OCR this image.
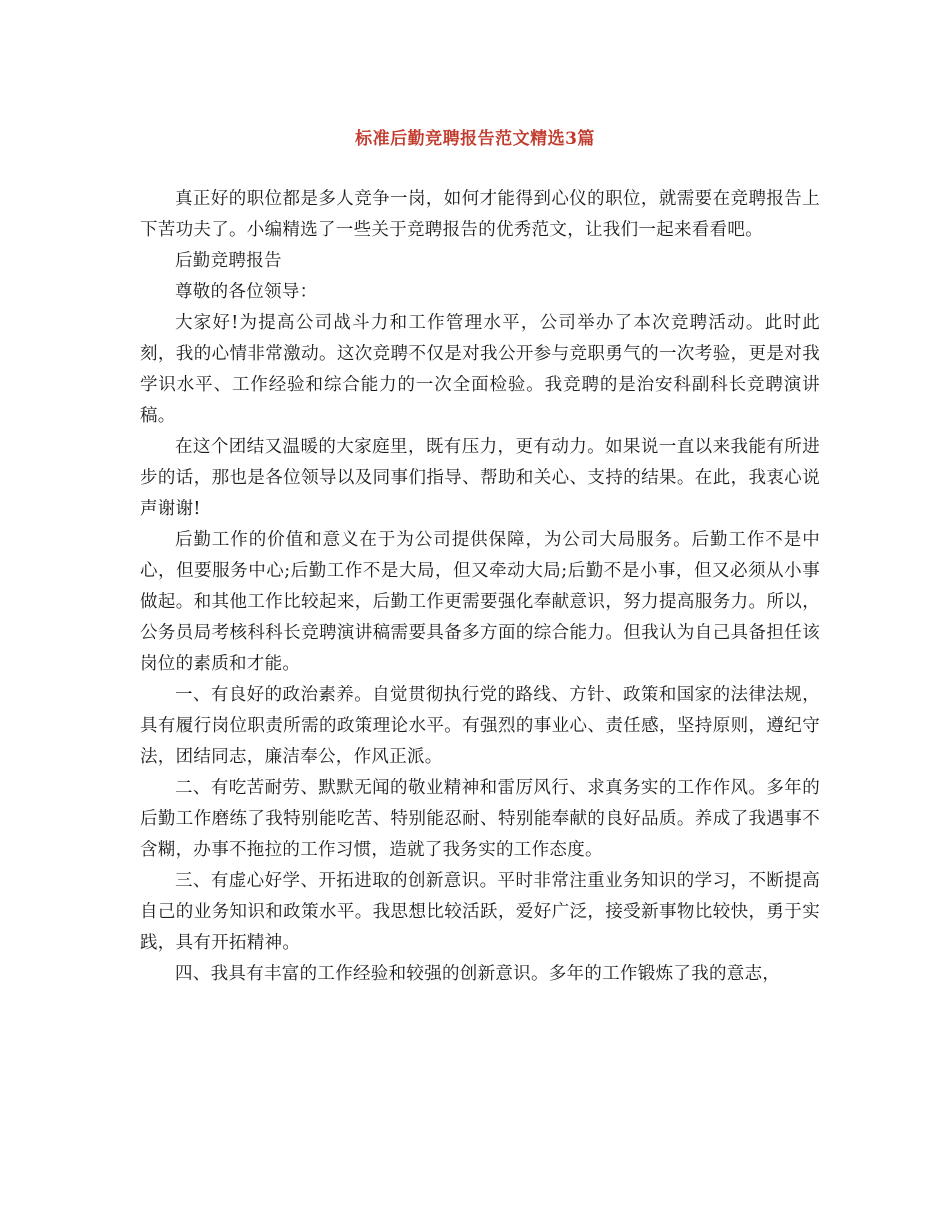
标准后勤竞聘报告范文精选3篇

真正好的职位都是多人竞争一岗，如何才能得到心仪的职位，就需要在竞聘报告上下苦功夫了。小编精选了一些关于竞聘报告的优秀范文，让我们一起来看看吧。

后勤竞聘报告

尊敬的各位领导：

大家好!为提高公司战斗力和工作管理水平，公司举办了本次竞聘活动。此时此刻，我的心情非常激动。这次竞聘不仅是对我公开参与竞职勇气的一次考验，更是对我学识水平、工作经验和综合能力的一次全面检验。我竞聘的是治安科副科长竞聘演讲稿。

在这个团结又温暖的大家庭里，既有压力，更有动力。如果说一直以来我能有所进步的话，那也是各位领导以及同事们指导、帮助和关心、支持的结果。在此，我衷心说声谢谢!

后勤工作的价值和意义在于为公司提供保障，为公司大局服务。后勤工作不是中心，但要服务中心;后勤工作不是大局，但又牵动大局;后勤不是小事，但又必须从小事做起。和其他工作比较起来，后勤工作更需要强化奉献意识，努力提高服务力。所以，公务员局考核科科长竞聘演讲稿需要具备多方面的综合能力。但我认为自己具备担任该岗位的素质和才能。

一、有良好的政治素养。自觉贯彻执行党的路线、方针、政策和国家的法律法规，具有履行岗位职责所需的政策理论水平。有强烈的事业心、责任感，坚持原则，遵纪守法，团结同志，廉洁奉公，作风正派。

二、有吃苦耐劳、默默无闻的敬业精神和雷厉风行、求真务实的工作作风。多年的后勤工作磨练了我特别能吃苦、特别能忍耐、特别能奉献的良好品质。养成了我遇事不含糊，办事不拖拉的工作习惯，造就了我务实的工作态度。

三、有虚心好学、开拓进取的创新意识。平时非常注重业务知识的学习，不断提高自己的业务知识和政策水平。我思想比较活跃，爱好广泛，接受新事物比较快，勇于实践，具有开拓精神。

四、我具有丰富的工作经验和较强的创新意识。多年的工作锻炼了我的意志，
